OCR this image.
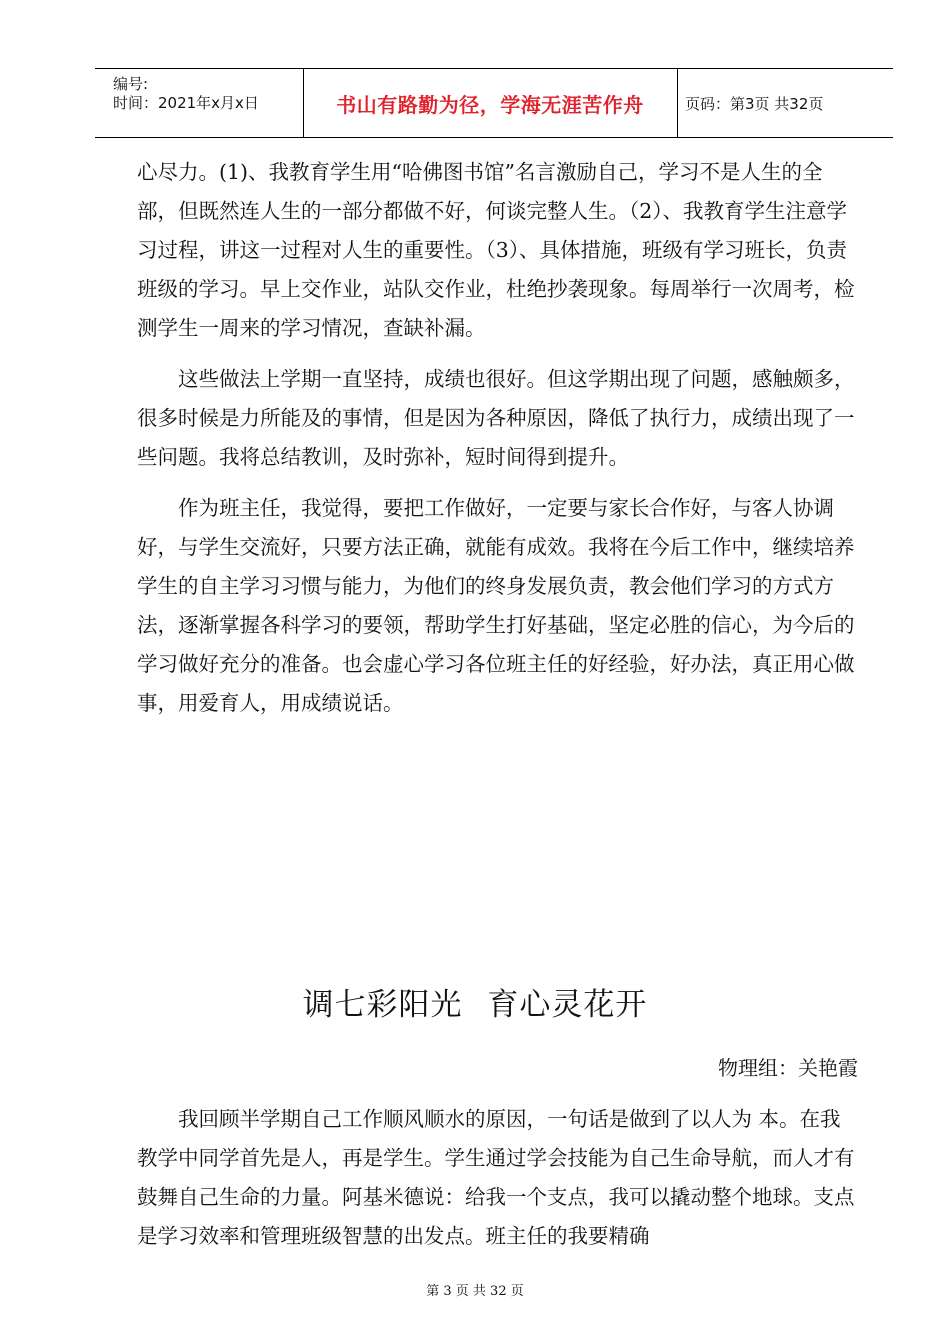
编号:
时间：2021年x月x日	书山有路勤为径，学海无涯苦作舟	页码：第3页 共32页

心尽力。(1)、我教育学生用“哈佛图书馆”名言激励自己，学习不是人生的全部，但既然连人生的一部分都做不好，何谈完整人生。（2）、我教育学生注意学习过程，讲这一过程对人生的重要性。（3）、具体措施，班级有学习班长，负责班级的学习。早上交作业，站队交作业，杜绝抄袭现象。每周举行一次周考，检测学生一周来的学习情况，查缺补漏。

这些做法上学期一直坚持，成绩也很好。但这学期出现了问题，感触颇多，很多时候是力所能及的事情，但是因为各种原因，降低了执行力，成绩出现了一些问题。我将总结教训，及时弥补，短时间得到提升。

作为班主任，我觉得，要把工作做好，一定要与家长合作好，与客人协调好，与学生交流好，只要方法正确，就能有成效。我将在今后工作中，继续培养学生的自主学习习惯与能力，为他们的终身发展负责，教会他们学习的方式方法，逐渐掌握各科学习的要领，帮助学生打好基础，坚定必胜的信心，为今后的学习做好充分的准备。也会虚心学习各位班主任的好经验，好办法，真正用心做事，用爱育人，用成绩说话。

调七彩阳光 育心灵花开
物理组：关艳霞

我回顾半学期自己工作顺风顺水的原因，一句话是做到了以人为 本。在我教学中同学首先是人，再是学生。学生通过学会技能为自己生命导航，而人才有鼓舞自己生命的力量。阿基米德说：给我一个支点，我可以撬动整个地球。支点是学习效率和管理班级智慧的出发点。班主任的我要精确

第 3 页 共 32 页
